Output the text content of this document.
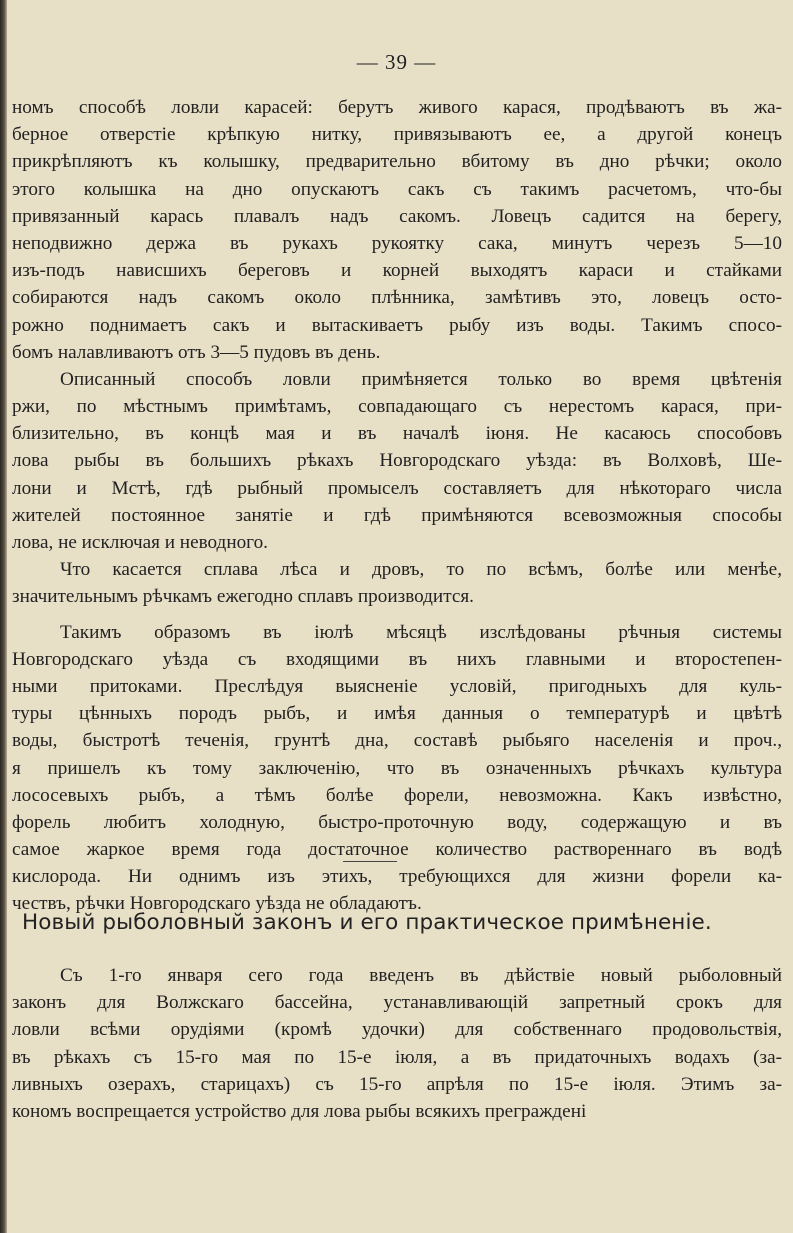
— 39 —
номъ способѣ ловли карасей: берутъ живого карася, продѣваютъ въ жа-
берное отверстіе крѣпкую нитку, привязываютъ ее, а другой конецъ
прикрѣпляютъ къ колышку, предварительно вбитому въ дно рѣчки; около
этого колышка на дно опускаютъ сакъ съ такимъ расчетомъ, что-бы
привязанный карась плавалъ надъ сакомъ. Ловецъ садится на берегу,
неподвижно держа въ рукахъ рукоятку сака, минутъ черезъ 5—10
изъ-подъ нависшихъ береговъ и корней выходятъ караси и стайками
собираются надъ сакомъ около плѣнника, замѣтивъ это, ловецъ осто-
рожно поднимаетъ сакъ и вытаскиваетъ рыбу изъ воды. Такимъ спосо-
бомъ налавливаютъ отъ 3—5 пудовъ въ день.
Описанный способъ ловли примѣняется только во время цвѣтенія
ржи, по мѣстнымъ примѣтамъ, совпадающаго съ нерестомъ карася, при-
близительно, въ концѣ мая и въ началѣ іюня. Не касаюсь способовъ
лова рыбы въ большихъ рѣкахъ Новгородскаго уѣзда: въ Волховѣ, Ше-
лони и Мстѣ, гдѣ рыбный промыселъ составляетъ для нѣкотораго числа
жителей постоянное занятіе и гдѣ примѣняются всевозможныя способы
лова, не исключая и неводного.
Что касается сплава лѣса и дровъ, то по всѣмъ, болѣе или менѣе,
значительнымъ рѣчкамъ ежегодно сплавъ производится.
Такимъ образомъ въ іюлѣ мѣсяцѣ изслѣдованы рѣчныя системы
Новгородскаго уѣзда съ входящими въ нихъ главными и второстепен-
ными притоками. Преслѣдуя выясненіе условій, пригодныхъ для куль-
туры цѣнныхъ породъ рыбъ, и имѣя данныя о температурѣ и цвѣтѣ
воды, быстротѣ теченія, грунтѣ дна, составѣ рыбьяго населенія и проч.,
я пришелъ къ тому заключенію, что въ означенныхъ рѣчкахъ культура
лососевыхъ рыбъ, а тѣмъ болѣе форели, невозможна. Какъ извѣстно,
форель любитъ холодную, быстро-проточную воду, содержащую и въ
самое жаркое время года достаточное количество раствореннаго въ водѣ
кислорода. Ни однимъ изъ этихъ, требующихся для жизни форели ка-
чествъ, рѣчки Новгородскаго уѣзда не обладаютъ.
Новый рыболовный законъ и его практическое примѣненіе.
Съ 1-го января сего года введенъ въ дѣйствіе новый рыболовный
законъ для Волжскаго бассейна, устанавливающій запретный срокъ для
ловли всѣми орудіями (кромѣ удочки) для собственнаго продовольствія,
въ рѣкахъ съ 15-го мая по 15-е іюля, а въ придаточныхъ водахъ (за-
ливныхъ озерахъ, старицахъ) съ 15-го апрѣля по 15-е іюля. Этимъ за-
кономъ воспрещается устройство для лова рыбы всякихъ преграждені
